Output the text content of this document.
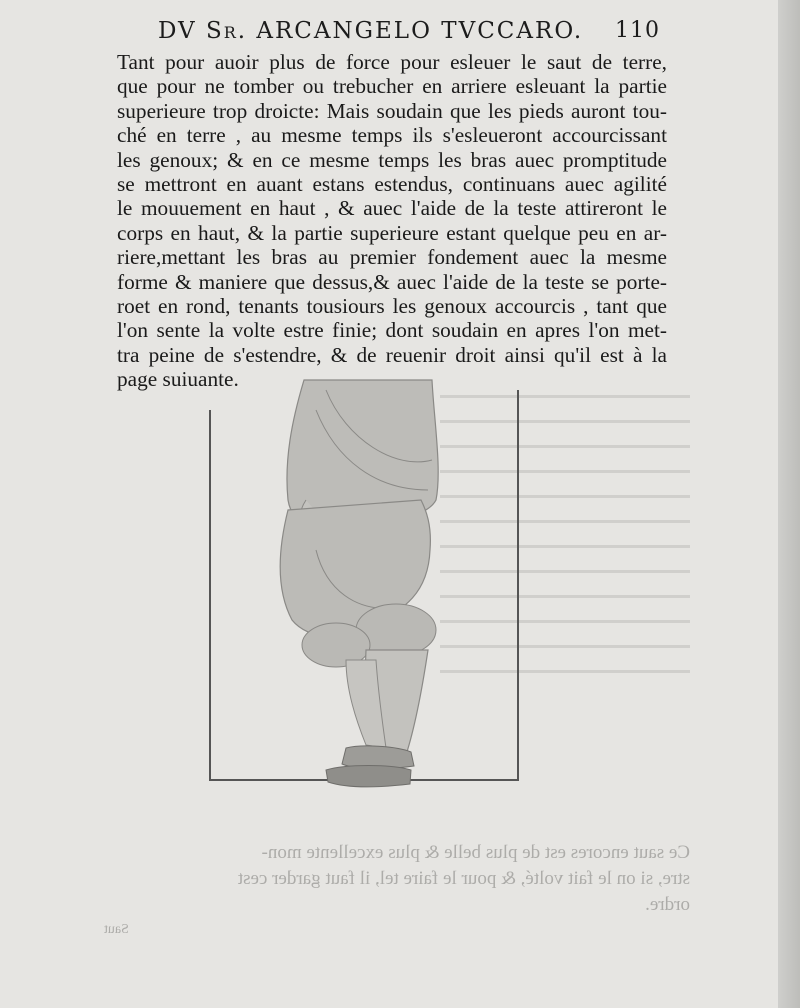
DV Sr. ARCANGELO TVCCARO. 110
Tant pour auoir plus de force pour esleuer le saut de terre,
que pour ne tomber ou trebucher en arriere esleuant la partie
superieure trop droicte: Mais soudain que les pieds auront tou-
ché en terre , au mesme temps ils s'esleueront accourcissant
les genoux; & en ce mesme temps les bras auec promptitude
se mettront en auant estans estendus, continuans auec agilité
le mouuement en haut , & auec l'aide de la teste attireront le
corps en haut, & la partie superieure estant quelque peu en ar-
riere,mettant les bras au premier fondement auec la mesme
forme & maniere que dessus,& auec l'aide de la teste se porte-
roet en rond, tenants tousiours les genoux accourcis , tant que
l'on sente la volte estre finie; dont soudain en apres l'on met-
tra peine de s'estendre, & de reuenir droit ainsi qu'il est à la
page suiuante.
Ce saut encores est de plus belle & plus excellente mon-
stre, si on le fait volté, & pour le faire tel, il faut garder cest
ordre.
Saut
